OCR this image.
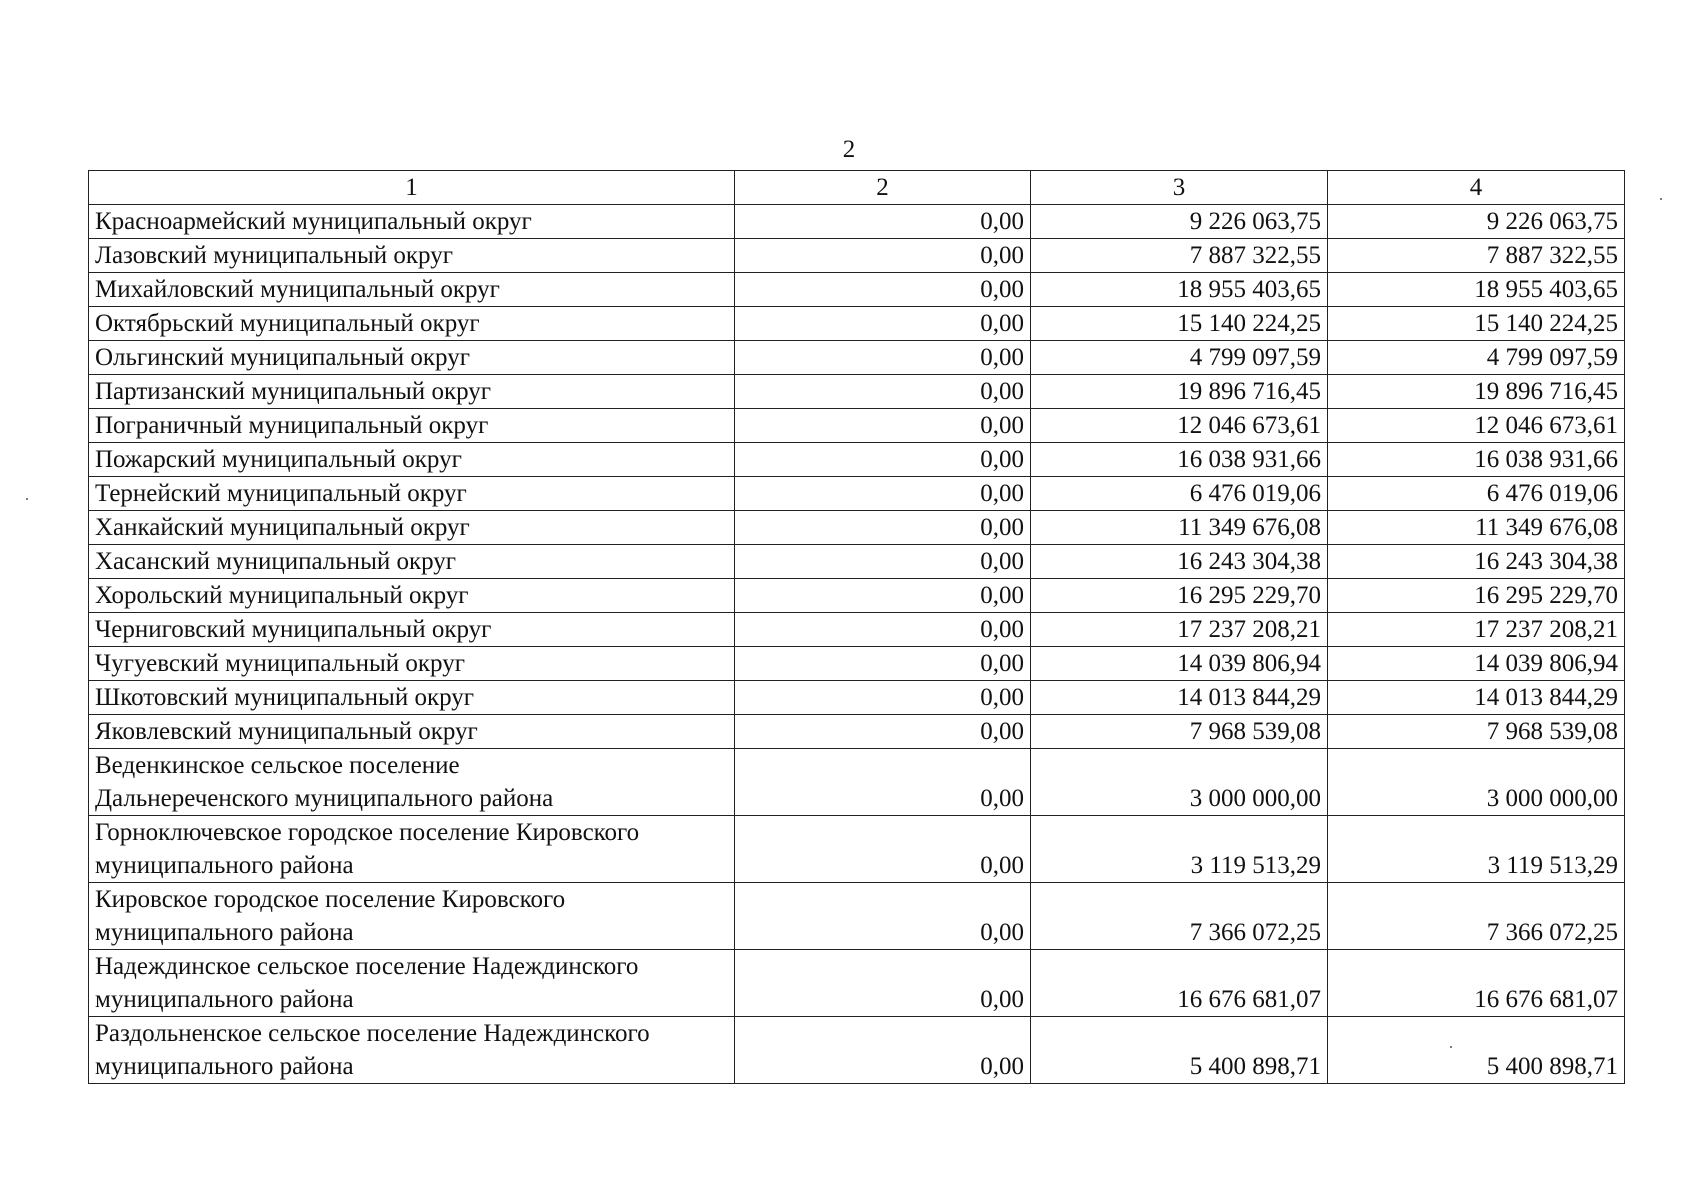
2
1	2	3	4
Красноармейский муниципальный округ	0,00	9 226 063,75	9 226 063,75
Лазовский муниципальный округ	0,00	7 887 322,55	7 887 322,55
Михайловский муниципальный округ	0,00	18 955 403,65	18 955 403,65
Октябрьский муниципальный округ	0,00	15 140 224,25	15 140 224,25
Ольгинский муниципальный округ	0,00	4 799 097,59	4 799 097,59
Партизанский муниципальный округ	0,00	19 896 716,45	19 896 716,45
Пограничный муниципальный округ	0,00	12 046 673,61	12 046 673,61
Пожарский муниципальный округ	0,00	16 038 931,66	16 038 931,66
Тернейский муниципальный округ	0,00	6 476 019,06	6 476 019,06
Ханкайский муниципальный округ	0,00	11 349 676,08	11 349 676,08
Хасанский муниципальный округ	0,00	16 243 304,38	16 243 304,38
Хорольский муниципальный округ	0,00	16 295 229,70	16 295 229,70
Черниговский муниципальный округ	0,00	17 237 208,21	17 237 208,21
Чугуевский муниципальный округ	0,00	14 039 806,94	14 039 806,94
Шкотовский муниципальный округ	0,00	14 013 844,29	14 013 844,29
Яковлевский муниципальный округ	0,00	7 968 539,08	7 968 539,08
Веденкинское сельское поселение
Дальнереченского муниципального района	0,00	3 000 000,00	3 000 000,00
Горноключевское городское поселение Кировского
муниципального района	0,00	3 119 513,29	3 119 513,29
Кировское городское поселение Кировского
муниципального района	0,00	7 366 072,25	7 366 072,25
Надеждинское сельское поселение Надеждинского
муниципального района	0,00	16 676 681,07	16 676 681,07
Раздольненское сельское поселение Надеждинского
муниципального района	0,00	5 400 898,71	5 400 898,71
